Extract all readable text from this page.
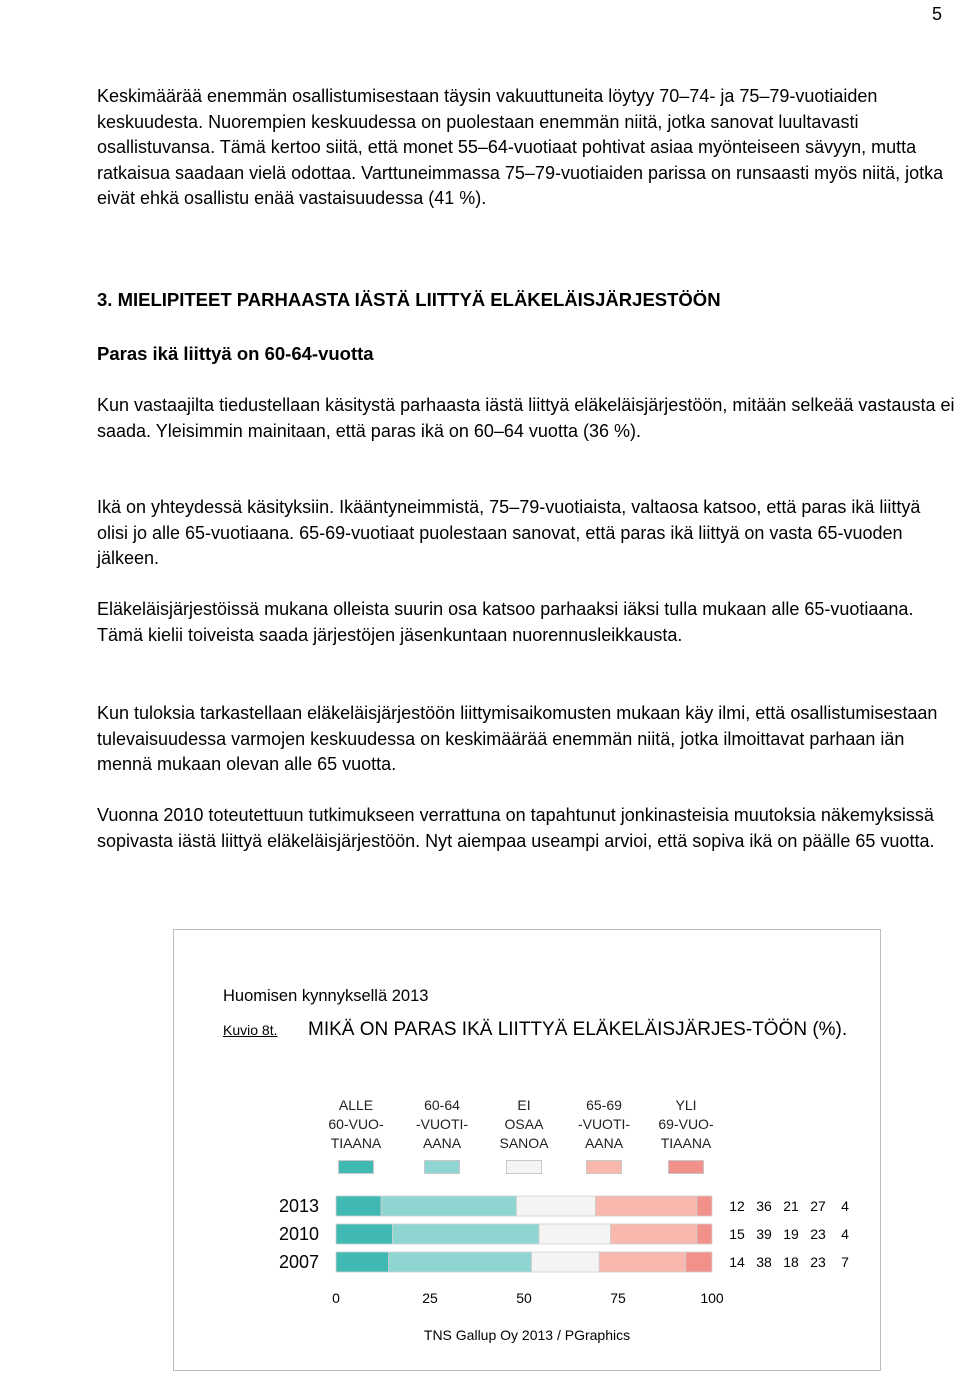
5

Keskimäärää enemmän osallistumisestaan täysin vakuuttuneita löytyy 70–74- ja 75–79-vuotiaiden keskuudesta. Nuorempien keskuudessa on puolestaan enemmän niitä, jotka sanovat luultavasti osallistuvansa. Tämä kertoo siitä, että monet 55–64-vuotiaat pohtivat asiaa myönteiseen sävyyn, mutta ratkaisua saadaan vielä odottaa. Varttuneimmassa 75–79-vuotiaiden parissa on runsaasti myös niitä, jotka eivät ehkä osallistu enää vastaisuudessa (41 %).

3. MIELIPITEET PARHAASTA IÄSTÄ LIITTYÄ ELÄKELÄISJÄRJESTÖÖN
Paras ikä liittyä on 60-64-vuotta

Kun vastaajilta tiedustellaan käsitystä parhaasta iästä liittyä eläkeläisjärjestöön, mitään selkeää vastausta ei saada. Yleisimmin mainitaan, että paras ikä on 60–64 vuotta (36 %).

Ikä on yhteydessä käsityksiin. Ikääntyneimmistä, 75–79-vuotiaista, valtaosa katsoo, että paras ikä liittyä olisi jo alle 65-vuotiaana. 65-69-vuotiaat puolestaan sanovat, että paras ikä liittyä on vasta 65-vuoden jälkeen.

Eläkeläisjärjestöissä mukana olleista suurin osa katsoo parhaaksi iäksi tulla mukaan alle 65-vuotiaana. Tämä kielii toiveista saada järjestöjen jäsenkuntaan nuorennusleikkausta.

Kun tuloksia tarkastellaan eläkeläisjärjestöön liittymisaikomusten mukaan käy ilmi, että osallistumisestaan tulevaisuudessa varmojen keskuudessa on keskimäärää enemmän niitä, jotka ilmoittavat parhaan iän mennä mukaan olevan alle 65 vuotta.

Vuonna 2010 toteutettuun tutkimukseen verrattuna on tapahtunut jonkinasteisia muutoksia näkemyksissä sopivasta iästä liittyä eläkeläisjärjestöön. Nyt aiempaa useampi arvioi, että sopiva ikä on päälle 65 vuotta.

Huomisen kynnyksellä 2013
Kuvio 8t. MIKÄ ON PARAS IKÄ LIITTYÄ ELÄKELÄISJÄRJES-TÖÖN (%).
ALLE
60-VUO-
TIAANA
60-64
-VUOTI-
AANA
EI
OSAA
SANOA
65-69
-VUOTI-
AANA
YLI
69-VUO-
TIAANA
2013	12 36 21 27 4
2010	15 39 19 23 4
2007	14 38 18 23 7
0	25	50	75	100
TNS Gallup Oy 2013 / PGraphics
